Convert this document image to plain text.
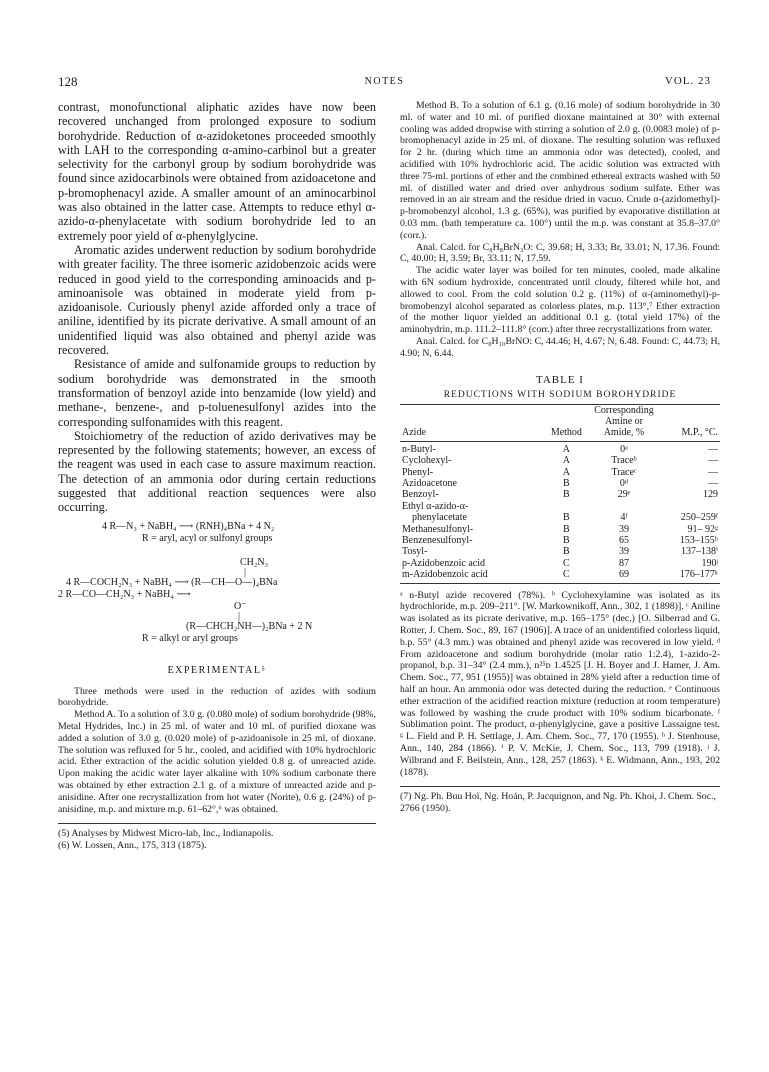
128	NOTES	VOL. 23

contrast, monofunctional aliphatic azides have now been recovered unchanged from prolonged exposure to sodium borohydride. Reduction of α-azidoketones proceeded smoothly with LAH to the corresponding α-amino-carbinol but a greater selectivity for the carbonyl group by sodium borohydride was found since azidocarbinols were obtained from azidoacetone and p-bromophenacyl azide. A smaller amount of an aminocarbinol was also obtained in the latter case. Attempts to reduce ethyl α-azido-α-phenylacetate with sodium borohydride led to an extremely poor yield of α-phenylglycine.

Aromatic azides underwent reduction by sodium borohydride with greater facility. The three isomeric azidobenzoic acids were reduced in good yield to the corresponding aminoacids and p-aminoanisole was obtained in moderate yield from p-azidoanisole. Curiously phenyl azide afforded only a trace of aniline, identified by its picrate derivative. A small amount of an unidentified liquid was also obtained and phenyl azide was recovered.

Resistance of amide and sulfonamide groups to reduction by sodium borohydride was demonstrated in the smooth transformation of benzoyl azide into benzamide (low yield) and methane-, benzene-, and p-toluenesulfonyl azides into the corresponding sulfonamides with this reagent.

Stoichiometry of the reduction of azido derivatives may be represented by the following statements; however, an excess of the reagent was used in each case to assure maximum reaction. The detection of an ammonia odor during certain reductions suggested that additional reaction sequences were also occurring.

4 R—N₃ + NaBH₄ ⟶ (RNH)₄BNa + 4 N₂
R = aryl, acyl or sulfonyl groups
CH₂N₃
|
4 R—COCH₂N₃ + NaBH₄ ⟶ (R—CH—O—)₄BNa
2 R—CO—CH₂N₃ + NaBH₄ ⟶
O⁻
|
(R—CHCH₂NH—)₂BNa + 2 N
R = alkyl or aryl groups
EXPERIMENTAL⁵

Three methods were used in the reduction of azides with sodium borohydride.

Method A. To a solution of 3.0 g. (0.080 mole) of sodium borohydride (98%, Metal Hydrides, Inc.) in 25 ml. of water and 10 ml. of purified dioxane was added a solution of 3.0 g. (0.020 mole) of p-azidoanisole in 25 ml. of dioxane. The solution was refluxed for 5 hr., cooled, and acidified with 10% hydrochloric acid. Ether extraction of the acidic solution yielded 0.8 g. of unreacted azide. Upon making the acidic water layer alkaline with 10% sodium carbonate there was obtained by ether extraction 2.1 g. of a mixture of unreacted azide and p-anisidine. After one recrystallization from hot water (Norite), 0.6 g. (24%) of p-anisidine, m.p. and mixture m.p. 61–62°,⁶ was obtained.

(5) Analyses by Midwest Micro-lab, Inc., Indianapolis.

(6) W. Lossen, Ann., 175, 313 (1875).

Method B. To a solution of 6.1 g. (0.16 mole) of sodium borohydride in 30 ml. of water and 10 ml. of purified dioxane maintained at 30° with external cooling was added dropwise with stirring a solution of 2.0 g. (0.0083 mole) of p-bromophenacyl azide in 25 ml. of dioxane. The resulting solution was refluxed for 2 hr. (during which time an ammonia odor was detected), cooled, and acidified with 10% hydrochloric acid. The acidic solution was extracted with three 75-ml. portions of ether and the combined ethereal extracts washed with 50 ml. of distilled water and dried over anhydrous sodium sulfate. Ether was removed in an air stream and the residue dried in vacuo. Crude α-(azidomethyl)-p-bromobenzyl alcohol, 1.3 g. (65%), was purified by evaporative distillation at 0.03 mm. (bath temperature ca. 100°) until the m.p. was constant at 35.8–37.0° (corr.).

Anal. Calcd. for C₈H₈BrN₃O: C, 39.68; H, 3.33; Br, 33.01; N, 17.36. Found: C, 40.00; H, 3.59; Br, 33.11; N, 17.59.

The acidic water layer was boiled for ten minutes, cooled, made alkaline with 6N sodium hydroxide, concentrated until cloudy, filtered while hot, and allowed to cool. From the cold solution 0.2 g. (11%) of α-(aminomethyl)-p-bromobenzyl alcohol separated as colorless plates, m.p. 113°,⁷ Ether extraction of the mother liquor yielded an additional 0.1 g. (total yield 17%) of the aminohydrin, m.p. 111.2–111.8° (corr.) after three recrystallizations from water.

Anal. Calcd. for C₈H₁₀BrNO: C, 44.46; H, 4.67; N, 6.48. Found: C, 44.73; H, 4.90; N, 6.44.

TABLE I
REDUCTIONS WITH SODIUM BOROHYDRIDE
Azide	Method	Corresponding Amine or Amide, %	M.P., °C.
n-Butyl-	A	0ᵃ	—
Cyclohexyl-	A	Traceᵇ	—
Phenyl-	A	Traceᶜ	—
Azidoacetone	B	0ᵈ	—
Benzoyl-	B	29ᵉ	129
Ethyl α-azido-α-			
phenylacetate	B	4ᶠ	250–259ᶠ
Methanesulfonyl-	B	39	91– 92ᵍ
Benzenesulfonyl-	B	65	153–155ʰ
Tosyl-	B	39	137–138ⁱ
p-Azidobenzoic acid	C	87	190ʲ
m-Azidobenzoic acid	C	69	176–177ᵏ

ᵃ n-Butyl azide recovered (78%). ᵇ Cyclohexylamine was isolated as its hydrochloride, m.p. 209–211°. [W. Markownikoff, Ann., 302, 1 (1898)]. ᶜ Aniline was isolated as its picrate derivative, m.p. 165–175° (dec.) [O. Silberrad and G. Rotter, J. Chem. Soc., 89, 167 (1906)]. A trace of an unidentified colorless liquid, b.p. 55° (4.3 mm.) was obtained and phenyl azide was recovered in low yield. ᵈ From azidoacetone and sodium borohydride (molar ratio 1:2.4), 1-azido-2-propanol, b.p. 31–34° (2.4 mm.), n²⁵ᴅ 1.4525 [J. H. Boyer and J. Hamer, J. Am. Chem. Soc., 77, 951 (1955)] was obtained in 28% yield after a reduction time of half an hour. An ammonia odor was detected during the reduction. ᵉ Continuous ether extraction of the acidified reaction mixture (reduction at room temperature) was followed by washing the crude product with 10% sodium bicarbonate. ᶠ Sublimation point. The product, α-phenylglycine, gave a positive Lassaigne test. ᵍ L. Field and P. H. Settlage, J. Am. Chem. Soc., 77, 170 (1955). ʰ J. Stenhouse, Ann., 140, 284 (1866). ⁱ P. V. McKie, J. Chem. Soc., 113, 799 (1918). ʲ J. Wilbrand and F. Beilstein, Ann., 128, 257 (1863). ᵏ E. Widmann, Ann., 193, 202 (1878).

(7) Ng. Ph. Buu Hoï, Ng. Hoán, P. Jacquignon, and Ng. Ph. Khoi, J. Chem. Soc., 2766 (1950).
